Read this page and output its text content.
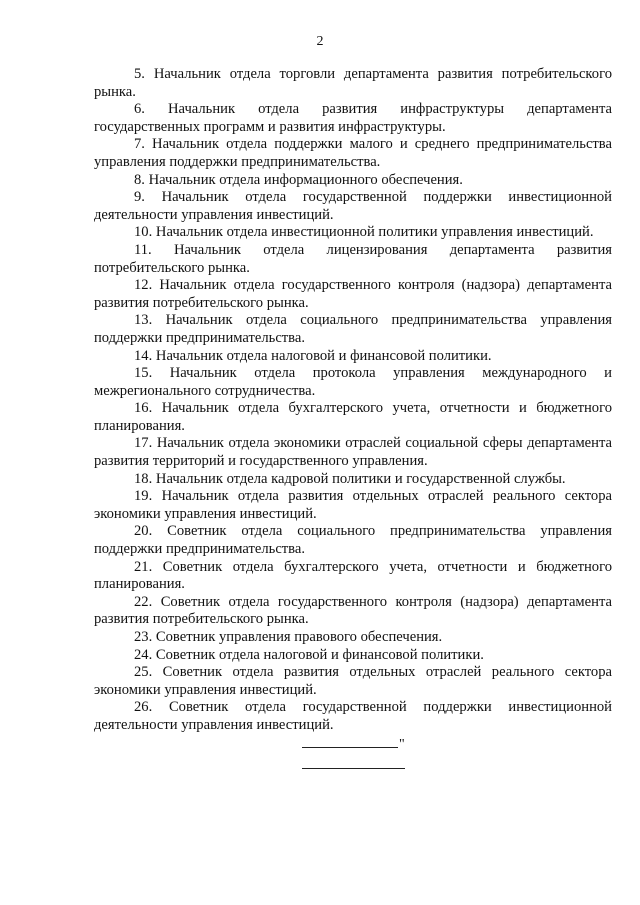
2

5. Начальник отдела торговли департамента развития потребительского рынка.

6. Начальник отдела развития инфраструктуры департамента государственных программ и развития инфраструктуры.

7. Начальник отдела поддержки малого и среднего предпринимательства управления поддержки предпринимательства.

8. Начальник отдела информационного обеспечения.

9. Начальник отдела государственной поддержки инвестиционной деятельности управления инвестиций.

10. Начальник отдела инвестиционной политики управления инвестиций.

11. Начальник отдела лицензирования департамента развития потребительского рынка.

12. Начальник отдела государственного контроля (надзора) департамента развития потребительского рынка.

13. Начальник отдела социального предпринимательства управления поддержки предпринимательства.

14. Начальник отдела налоговой и финансовой политики.

15. Начальник отдела протокола управления международного и межрегионального сотрудничества.

16. Начальник отдела бухгалтерского учета, отчетности и бюджетного планирования.

17. Начальник отдела экономики отраслей социальной сферы департамента развития территорий и государственного управления.

18. Начальник отдела кадровой политики и государственной службы.

19. Начальник отдела развития отдельных отраслей реального сектора экономики управления инвестиций.

20. Советник отдела социального предпринимательства управления поддержки предпринимательства.

21. Советник отдела бухгалтерского учета, отчетности и бюджетного планирования.

22. Советник отдела государственного контроля (надзора) департамента развития потребительского рынка.

23. Советник управления правового обеспечения.

24. Советник отдела налоговой и финансовой политики.

25. Советник отдела развития отдельных отраслей реального сектора экономики управления инвестиций.

26. Советник отдела государственной поддержки инвестиционной деятельности управления инвестиций.

"
